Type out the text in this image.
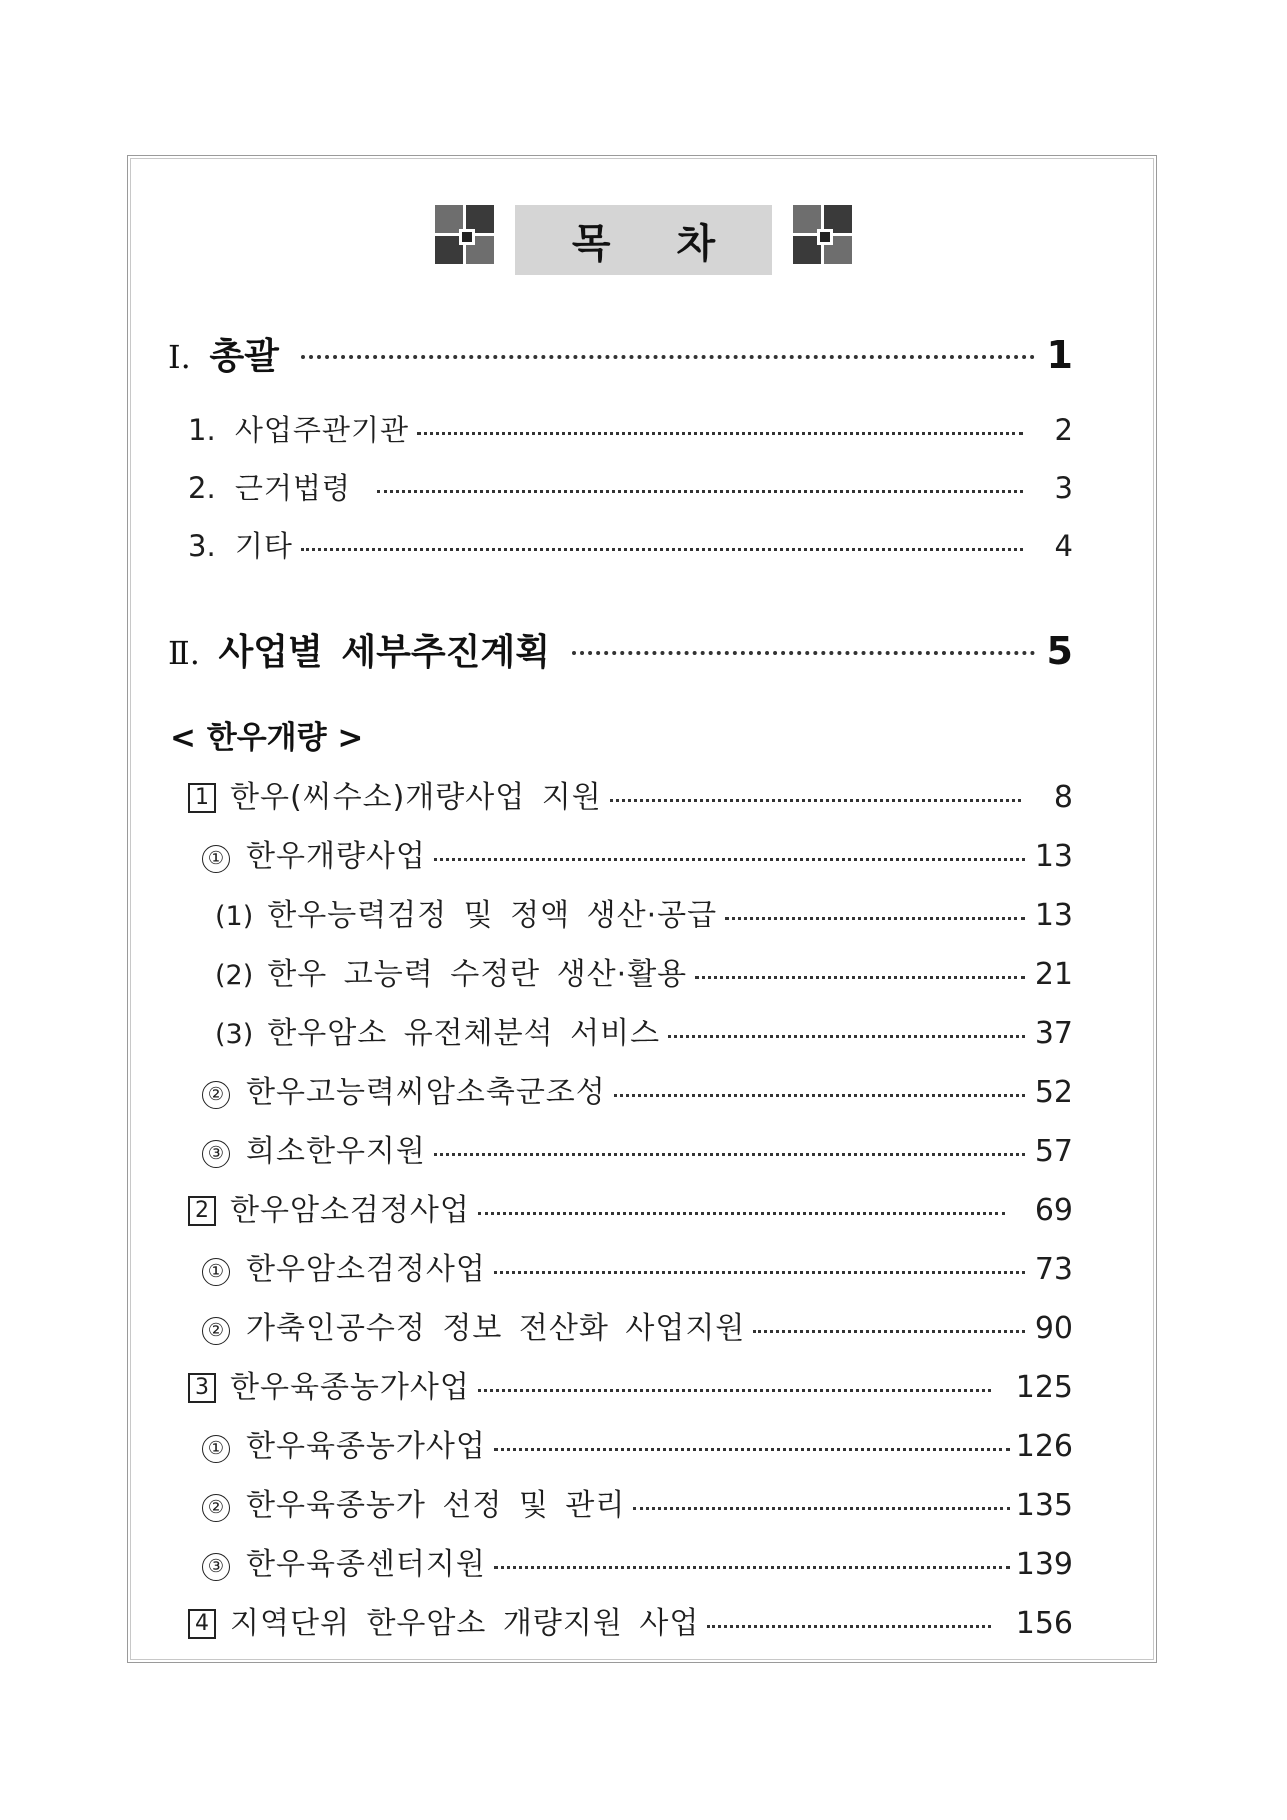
목 차
Ⅰ. 총괄	1
1. 사업주관기관	2
2. 근거법령	3
3. 기타	4
Ⅱ. 사업별 세부추진계획	5
< 한우개량 >
1 한우(씨수소)개량사업 지원	8
① 한우개량사업	13
(1) 한우능력검정 및 정액 생산·공급	13
(2) 한우 고능력 수정란 생산·활용	21
(3) 한우암소 유전체분석 서비스	37
② 한우고능력씨암소축군조성	52
③ 희소한우지원	57
2 한우암소검정사업	69
① 한우암소검정사업	73
② 가축인공수정 정보 전산화 사업지원	90
3 한우육종농가사업	125
① 한우육종농가사업	126
② 한우육종농가 선정 및 관리	135
③ 한우육종센터지원	139
4 지역단위 한우암소 개량지원 사업	156
